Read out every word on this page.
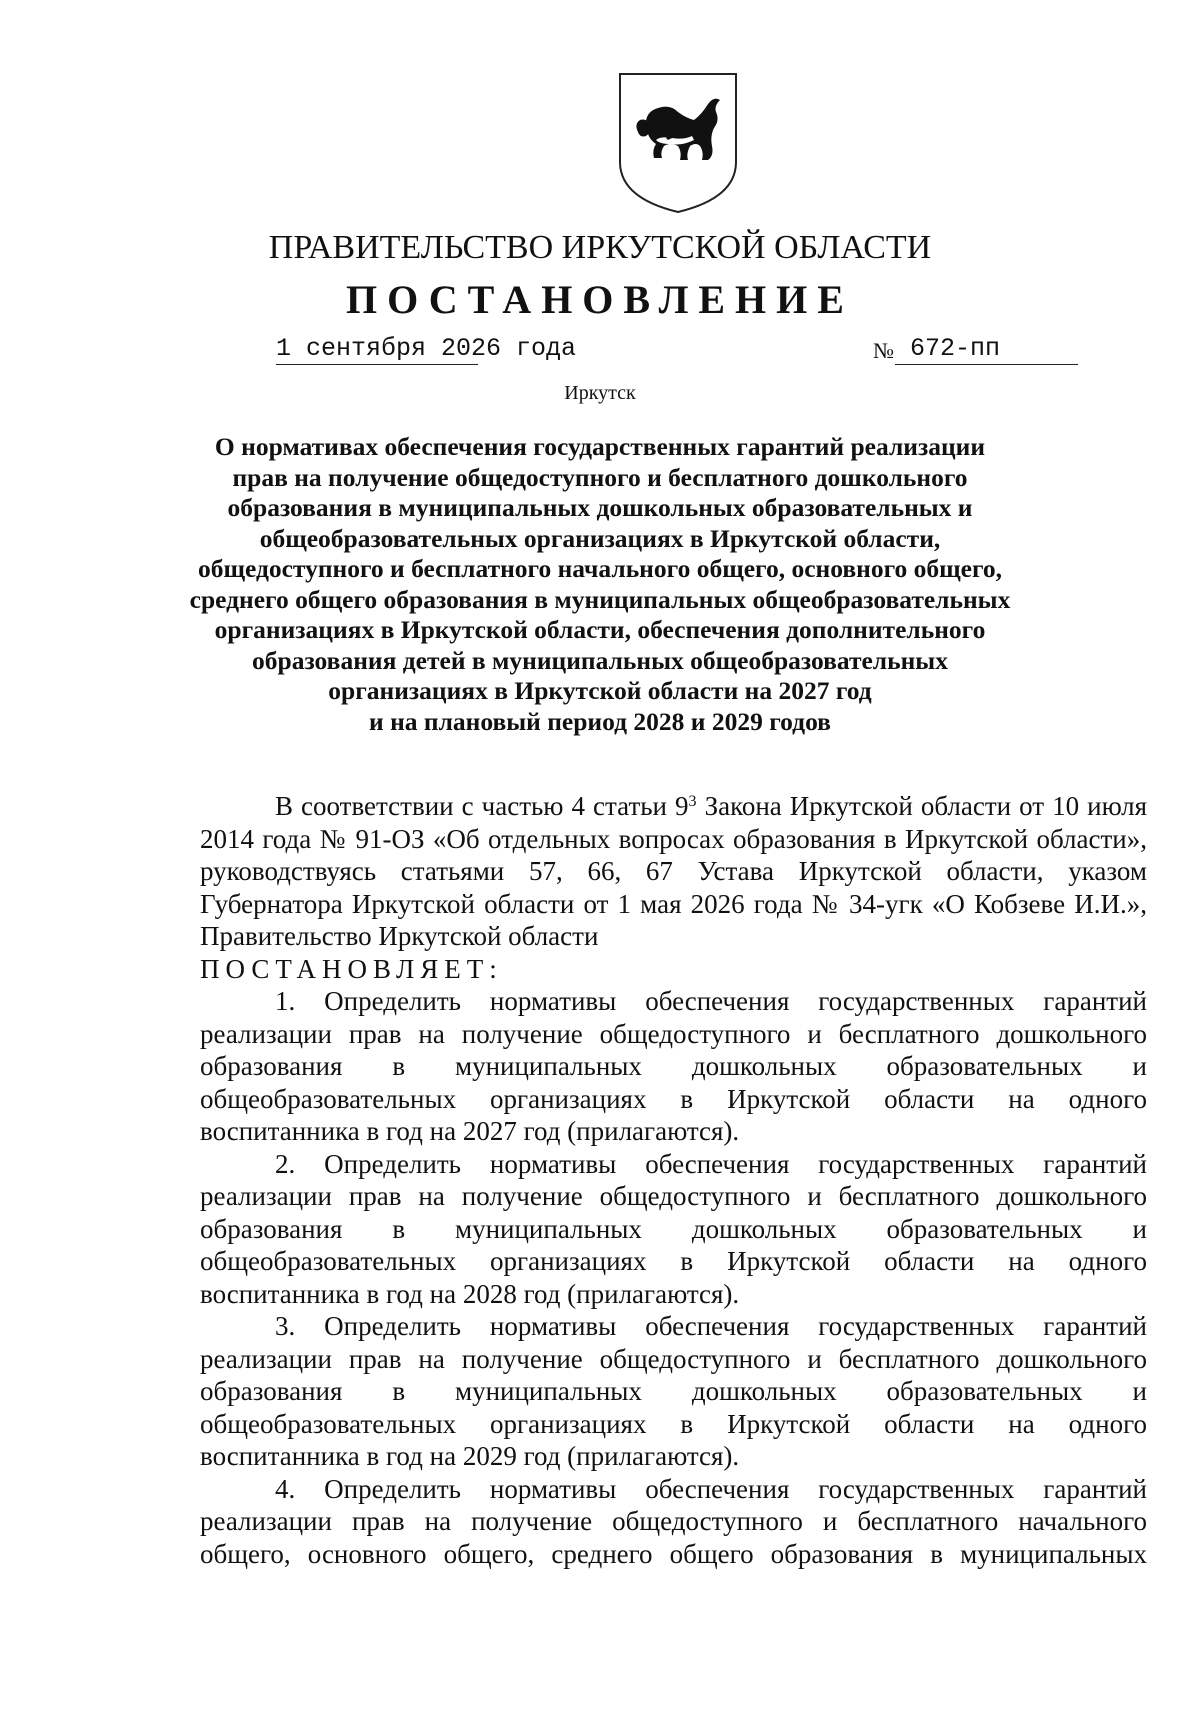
ПРАВИТЕЛЬСТВО ИРКУТСКОЙ ОБЛАСТИ
ПОСТАНОВЛЕНИЕ
1 сентября 2026 года	№ 672-пп
Иркутск
О нормативах обеспечения государственных гарантий реализации
прав на получение общедоступного и бесплатного дошкольного
образования в муниципальных дошкольных образовательных и
общеобразовательных организациях в Иркутской области,
общедоступного и бесплатного начального общего, основного общего,
среднего общего образования в муниципальных общеобразовательных
организациях в Иркутской области, обеспечения дополнительного
образования детей в муниципальных общеобразовательных
организациях в Иркутской области на 2027 год
и на плановый период 2028 и 2029 годов

В соответствии с частью 4 статьи $9^3$ Закона Иркутской области от 10 июля 2014 года № 91-ОЗ «Об отдельных вопросах образования в Иркутской области», руководствуясь статьями 57, 66, 67 Устава Иркутской области, указом Губернатора Иркутской области от 1 мая 2026 года № 34-угк «О Кобзеве И.И.», Правительство Иркутской области

ПОСТАНОВЛЯЕТ:

1. Определить нормативы обеспечения государственных гарантий реализации прав на получение общедоступного и бесплатного дошкольного образования в муниципальных дошкольных образовательных и общеобразовательных организациях в Иркутской области на одного воспитанника в год на 2027 год (прилагаются).

2. Определить нормативы обеспечения государственных гарантий реализации прав на получение общедоступного и бесплатного дошкольного образования в муниципальных дошкольных образовательных и общеобразовательных организациях в Иркутской области на одного воспитанника в год на 2028 год (прилагаются).

3. Определить нормативы обеспечения государственных гарантий реализации прав на получение общедоступного и бесплатного дошкольного образования в муниципальных дошкольных образовательных и общеобразовательных организациях в Иркутской области на одного воспитанника в год на 2029 год (прилагаются).

4. Определить нормативы обеспечения государственных гарантий реализации прав на получение общедоступного и бесплатного начального общего, основного общего, среднего общего образования в муниципальных
